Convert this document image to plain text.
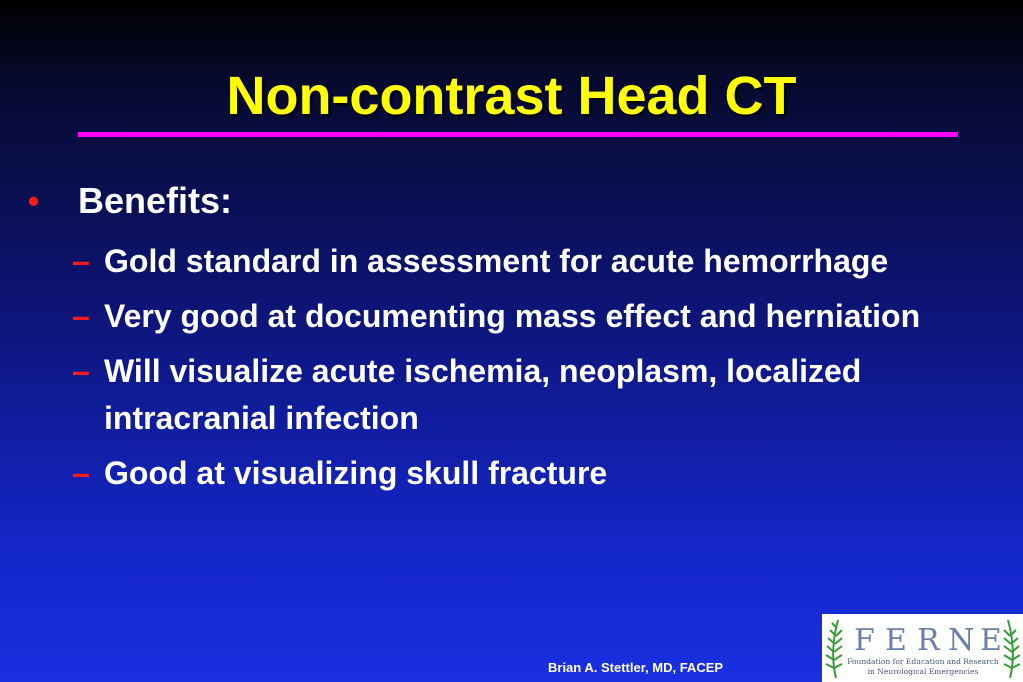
Non-contrast Head CT
•	Benefits:
– Gold standard in assessment for acute hemorrhage
– Very good at documenting mass effect and herniation
– Will visualize acute ischemia, neoplasm, localized intracranial infection
– Good at visualizing skull fracture
Brian A. Stettler, MD, FACEP
F E R N E
Foundation for Education and Research
in Neurological Emergencies
